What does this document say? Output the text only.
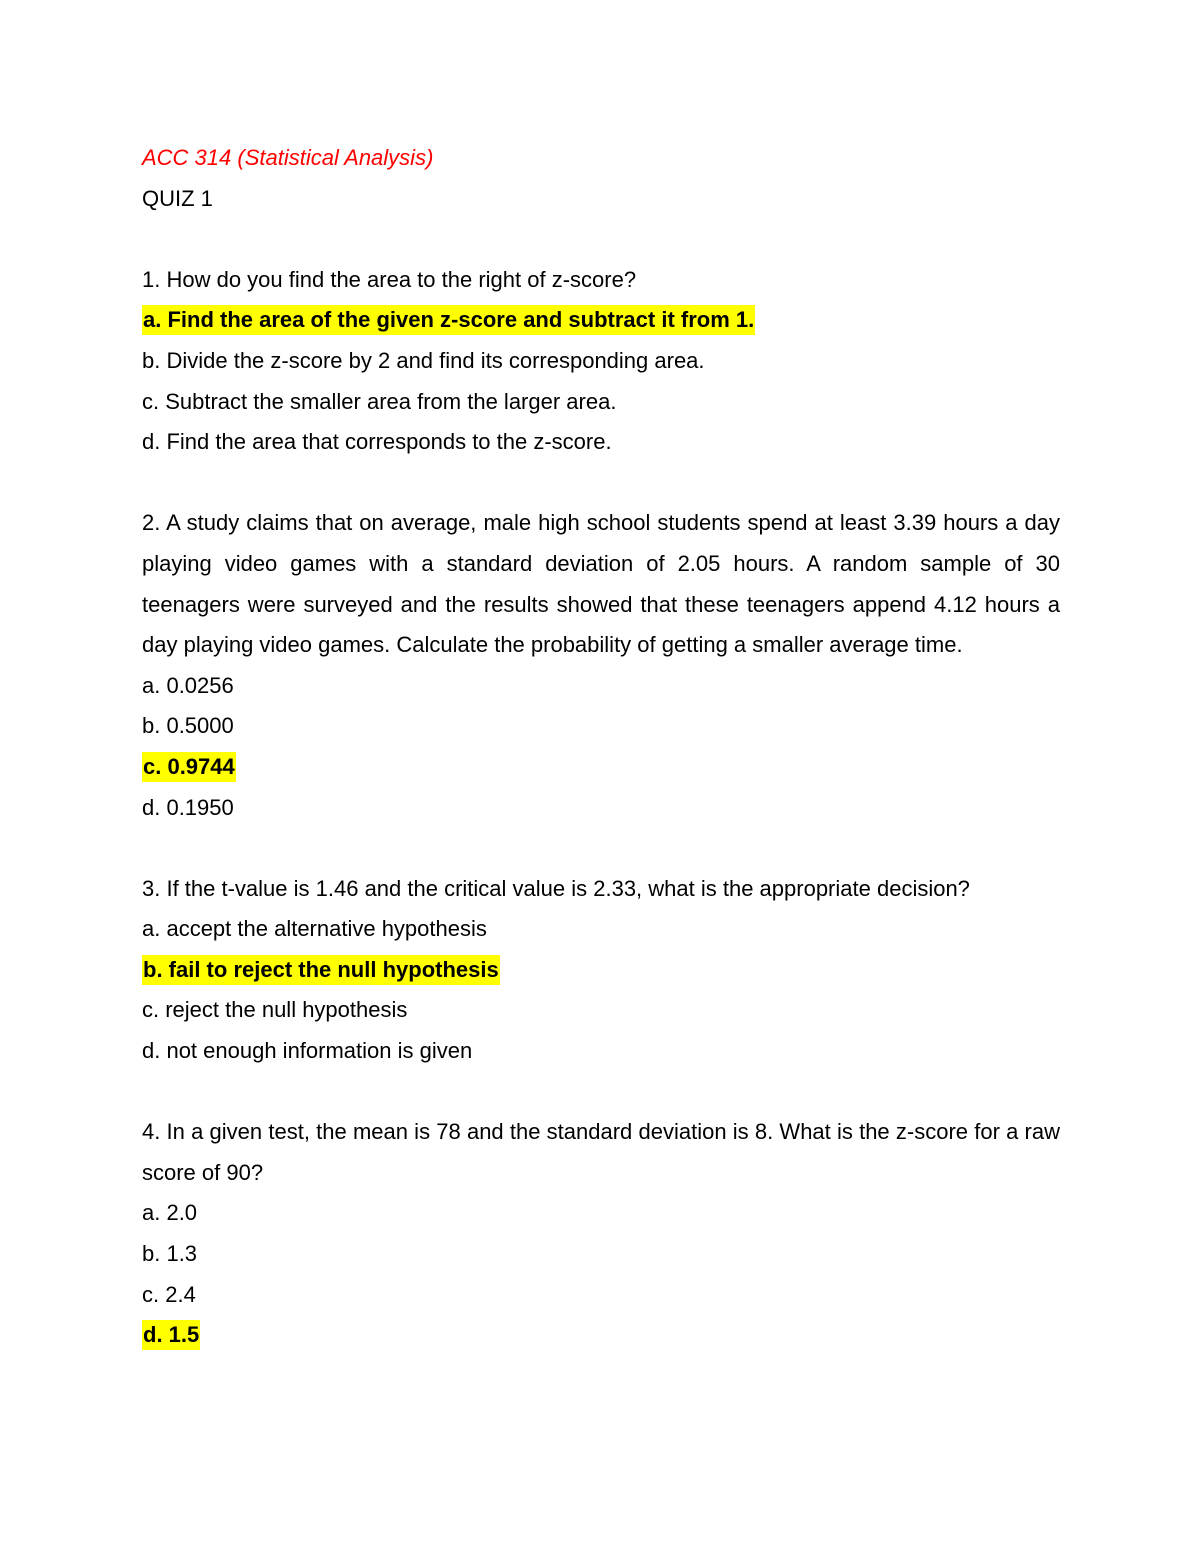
ACC 314 (Statistical Analysis)
QUIZ 1
1. How do you find the area to the right of z-score?
a. Find the area of the given z-score and subtract it from 1.
b. Divide the z-score by 2 and find its corresponding area.
c. Subtract the smaller area from the larger area.
d. Find the area that corresponds to the z-score.
2. A study claims that on average, male high school students spend at least 3.39 hours a day playing video games with a standard deviation of 2.05 hours. A random sample of 30 teenagers were surveyed and the results showed that these teenagers append 4.12 hours a day playing video games. Calculate the probability of getting a smaller average time.
a. 0.0256
b. 0.5000
c. 0.9744
d. 0.1950
3. If the t-value is 1.46 and the critical value is 2.33, what is the appropriate decision?
a. accept the alternative hypothesis
b. fail to reject the null hypothesis
c. reject the null hypothesis
d. not enough information is given
4. In a given test, the mean is 78 and the standard deviation is 8. What is the z-score for a raw score of 90?
a. 2.0
b. 1.3
c. 2.4
d. 1.5
